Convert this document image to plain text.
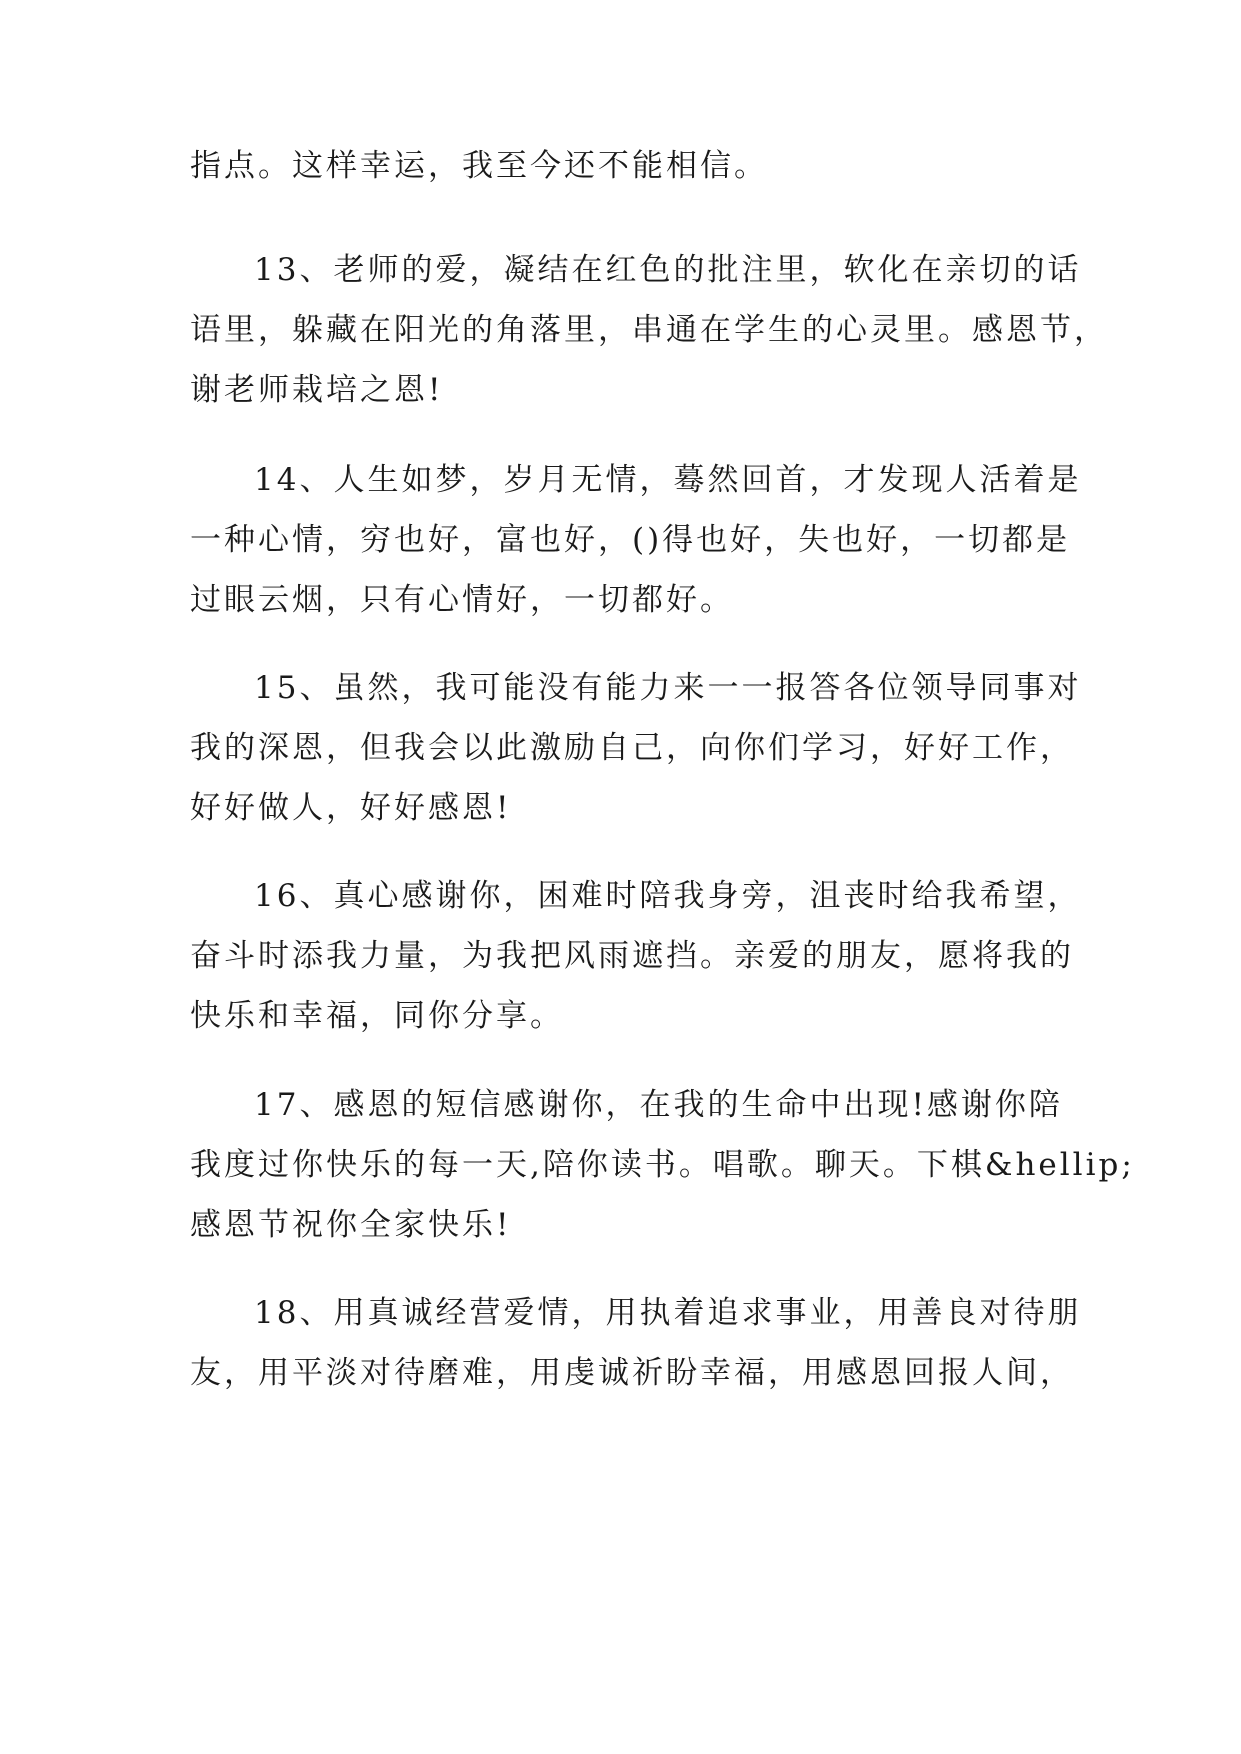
指点。这样幸运，我至今还不能相信。
13、老师的爱，凝结在红色的批注里，软化在亲切的话
语里，躲藏在阳光的角落里，串通在学生的心灵里。感恩节，
谢老师栽培之恩!
14、人生如梦，岁月无情，蓦然回首，才发现人活着是
一种心情，穷也好，富也好，()得也好，失也好，一切都是
过眼云烟，只有心情好，一切都好。
15、虽然，我可能没有能力来一一报答各位领导同事对
我的深恩，但我会以此激励自己，向你们学习，好好工作，
好好做人，好好感恩!
16、真心感谢你，困难时陪我身旁，沮丧时给我希望，
奋斗时添我力量，为我把风雨遮挡。亲爱的朋友，愿将我的
快乐和幸福，同你分享。
17、感恩的短信感谢你，在我的生命中出现!感谢你陪
我度过你快乐的每一天,陪你读书。唱歌。聊天。下棋&hellip;
感恩节祝你全家快乐!
18、用真诚经营爱情，用执着追求事业，用善良对待朋
友，用平淡对待磨难，用虔诚祈盼幸福，用感恩回报人间，
